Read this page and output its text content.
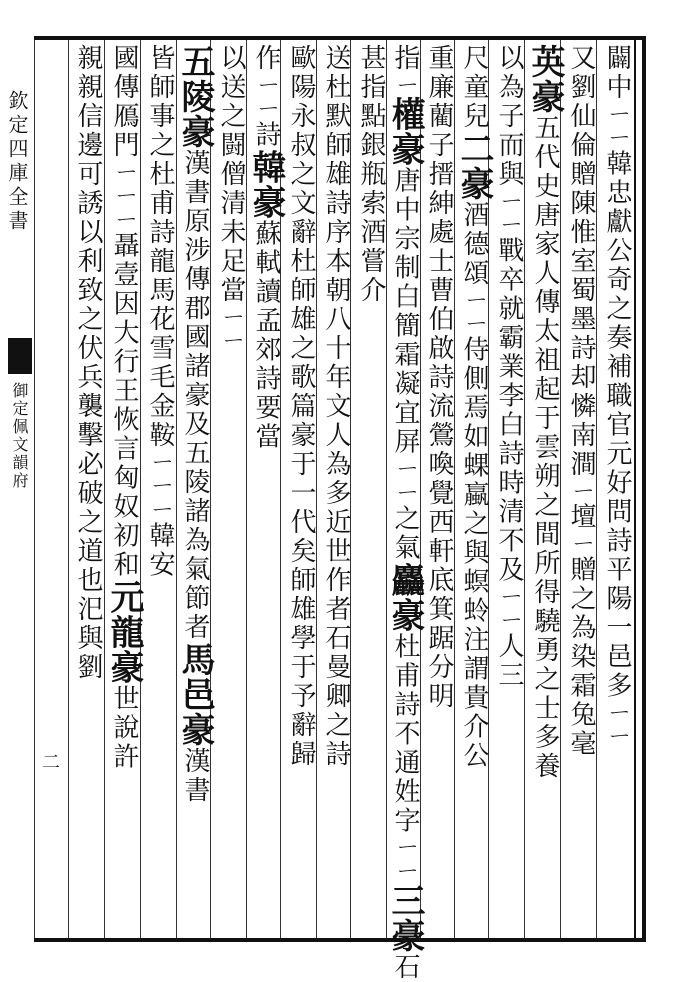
欽定四庫全書
御定佩文韻府
二
闢中ㄧㄧ韓忠獻公奇之奏補職官元好問詩平陽一邑多ㄧㄧ
又劉仙倫贈陳惟室蜀墨詩却憐南澗ㄧ壇ㄧ贈之為染霜兔毫
英豪五代史唐家人傳太祖起于雲朔之間所得驍勇之士多養
以為子而與ㄧㄧ戰卒就霸業李白詩時清不及ㄧㄧ人三
尺童兒二豪酒德頌ㄧㄧ侍側焉如蜾蠃之與螟蛉注謂貴介公
重廉藺子搢紳處士曹伯啟詩流鶯喚覺西軒底箕踞分明
指ㄧ權豪唐中宗制白簡霜凝宜屏ㄧㄧ之氣麤豪杜甫詩不通姓字ㄧㄧ三豪石
甚指點銀瓶索酒嘗介
送杜默師雄詩序本朝八十年文人為多近世作者石曼卿之詩
歐陽永叔之文辭杜師雄之歌篇豪于一代矣師雄學于予辭歸
作ㄧㄧ詩韓豪蘇軾讀孟郊詩要當
以送之闘僧清未足當ㄧㄧ
五陵豪漢書原涉傳郡國諸豪及五陵諸為氣節者馬邑豪漢書
皆師事之杜甫詩龍馬花雪毛金鞍ㄧㄧㄧ韓安
國傳鴈門ㄧㄧㄧ聶壹因大行王恢言匈奴初和元龍豪世說許
親親信邊可誘以利致之伏兵襲擊必破之道也汜與劉
